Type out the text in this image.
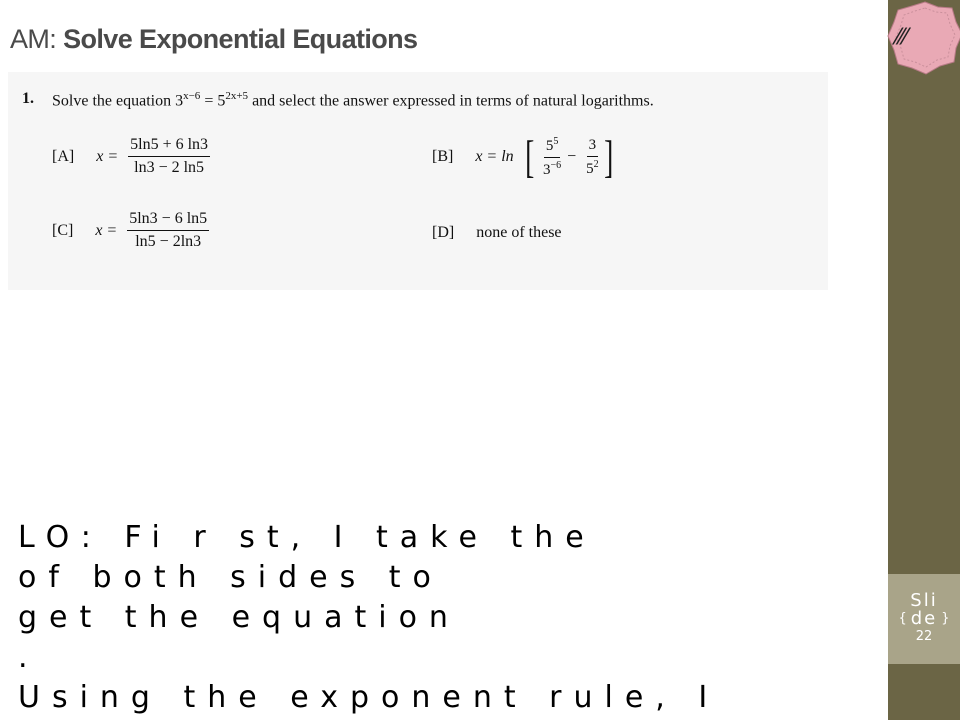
⁄⁄⁄
AM: Solve Exponential Equations
1. Solve the equation $3^{x-6} = 5^{2x+5}$ and select the answer expressed in terms of natural logarithms.
[A] $x = \frac{5\ln 5 + 6 \ln 3}{\ln 3 - 2 \ln 5}$	[B] x = ln [ $\frac{5^5}{3^{-6}} - \frac{3}{5^2}$ ]
[C] $x = \frac{5\ln 3 - 6 \ln 5}{\ln 5 - 2\ln 3}$	[D] none of these
LO: Fi r st, I take the
of both sides to
get the equation
.
Using the exponent rule, I
Sli
{ de }
22
